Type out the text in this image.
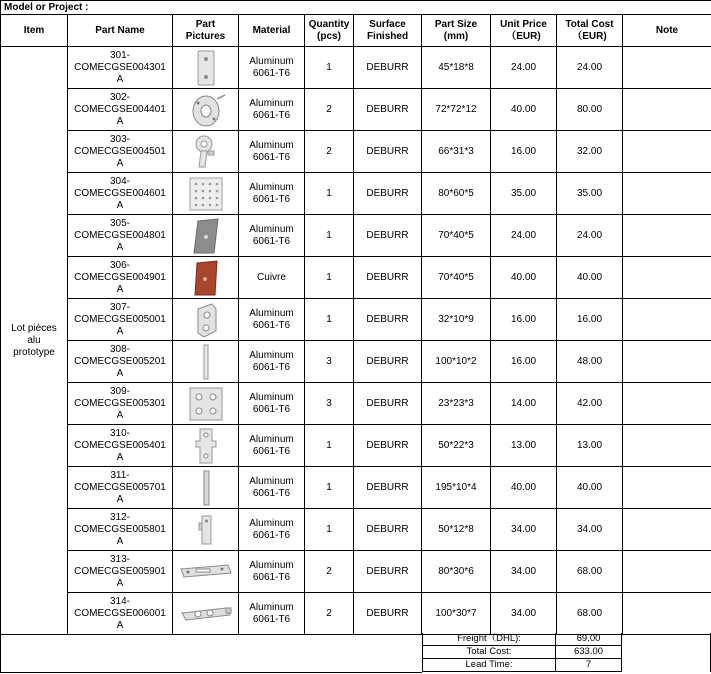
Model or Project :
Item	Part Name	Part Pictures	Material	Quantity (pcs)	Surface Finished	Part Size (mm)	Unit Price （EUR)	Total Cost （EUR)	Note
Lot pièces alu prototype	301-
COMECGSE004301
A		Aluminum 6061-T6	1	DEBURR	45*18*8	24.00	24.00	
	302-
COMECGSE004401
A		Aluminum 6061-T6	2	DEBURR	72*72*12	40.00	80.00	
	303-
COMECGSE004501
A		Aluminum 6061-T6	2	DEBURR	66*31*3	16.00	32.00	
	304-
COMECGSE004601
A		Aluminum 6061-T6	1	DEBURR	80*60*5	35.00	35.00	
	305-
COMECGSE004801
A		Aluminum 6061-T6	1	DEBURR	70*40*5	24.00	24.00	
	306-
COMECGSE004901
A		Cuivre	1	DEBURR	70*40*5	40.00	40.00	
	307-
COMECGSE005001
A		Aluminum 6061-T6	1	DEBURR	32*10*9	16.00	16.00	
	308-
COMECGSE005201
A		Aluminum 6061-T6	3	DEBURR	100*10*2	16.00	48.00	
	309-
COMECGSE005301
A		Aluminum 6061-T6	3	DEBURR	23*23*3	14.00	42.00	
	310-
COMECGSE005401
A		Aluminum 6061-T6	1	DEBURR	50*22*3	13.00	13.00	
	311-
COMECGSE005701
A		Aluminum 6061-T6	1	DEBURR	195*10*4	40.00	40.00	
	312-
COMECGSE005801
A		Aluminum 6061-T6	1	DEBURR	50*12*8	34.00	34.00	
	313-
COMECGSE005901
A		Aluminum 6061-T6	2	DEBURR	80*30*6	34.00	68.00	
	314-
COMECGSE006001
A		Aluminum 6061-T6	2	DEBURR	100*30*7	34.00	68.00	
Freight（DHL):	69.00
Total Cost:	633.00
Lead Time:	7
